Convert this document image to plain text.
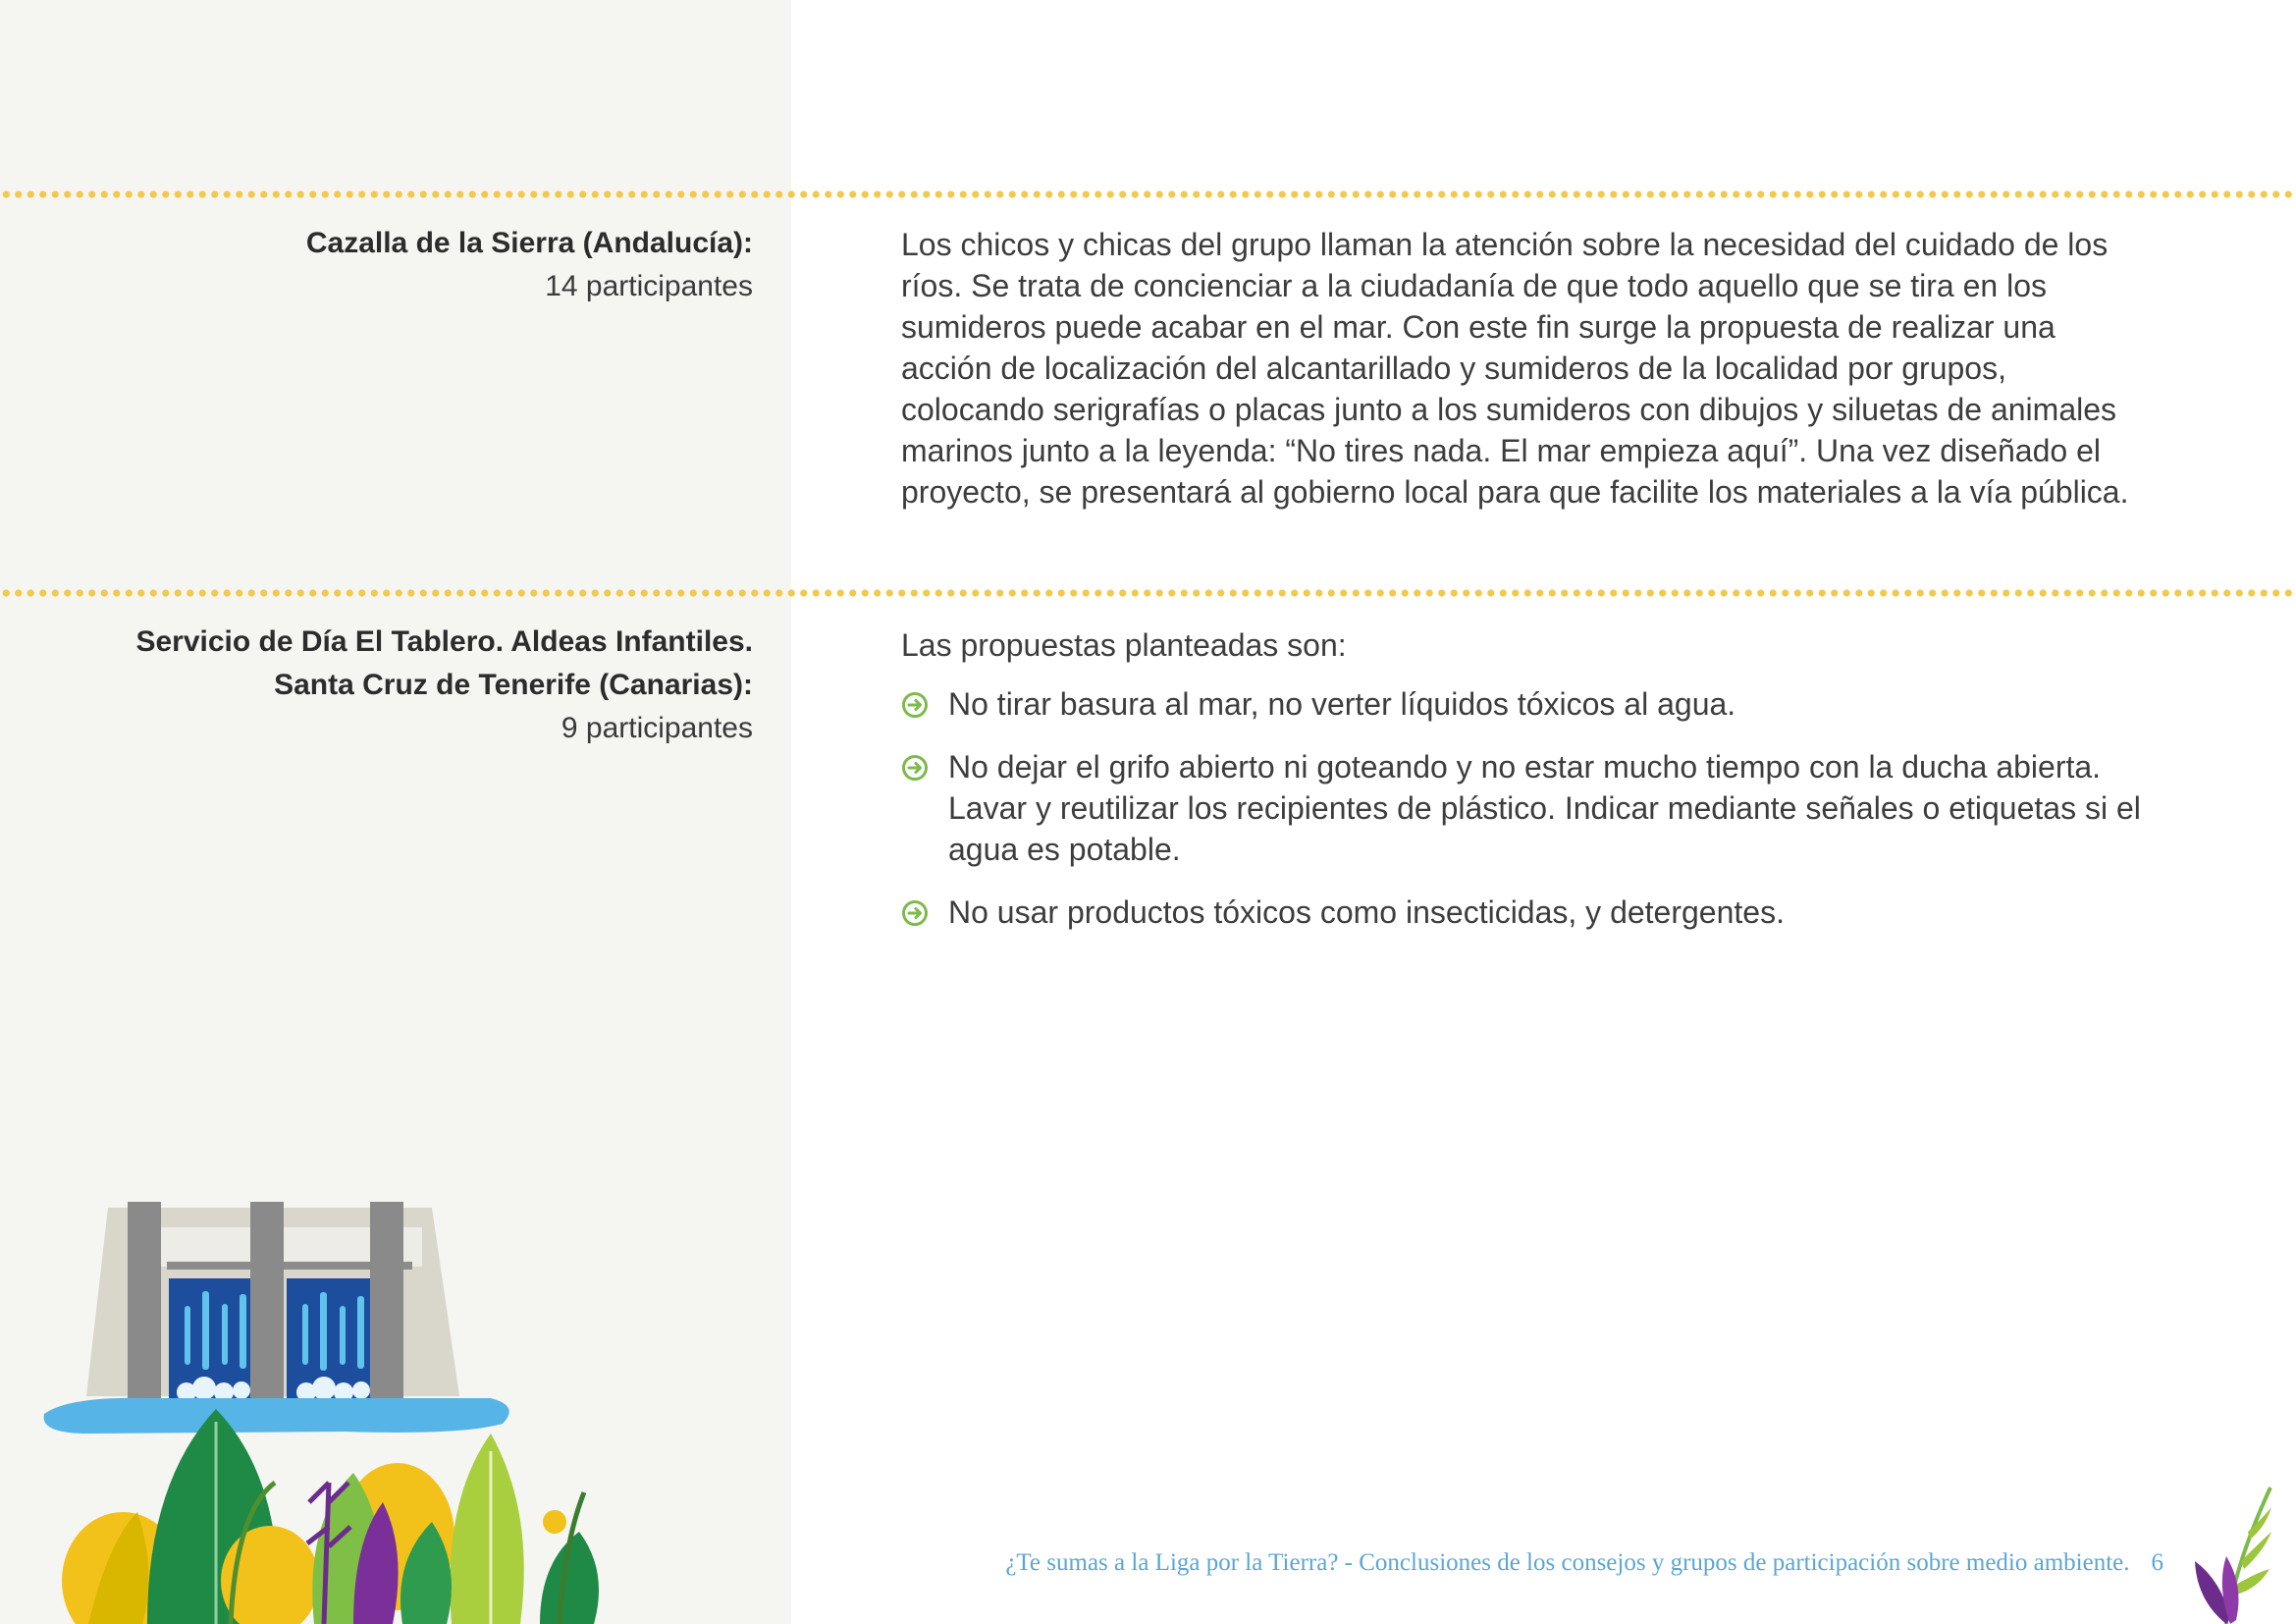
Cazalla de la Sierra (Andalucía):
14 participantes
Los chicos y chicas del grupo llaman la atención sobre la necesidad del cuidado de los ríos. Se trata de concienciar a la ciudadanía de que todo aquello que se tira en los sumideros puede acabar en el mar. Con este fin surge la propuesta de realizar una acción de localización del alcantarillado y sumideros de la localidad por grupos, colocando serigrafías o placas junto a los sumideros con dibujos y siluetas de animales marinos junto a la leyenda: “No tires nada. El mar empieza aquí”. Una vez diseñado el proyecto, se presentará al gobierno local para que facilite los materiales a la vía pública.
Servicio de Día El Tablero. Aldeas Infantiles.
Santa Cruz de Tenerife (Canarias):
9 participantes
Las propuestas planteadas son:
No tirar basura al mar, no verter líquidos tóxicos al agua.
No dejar el grifo abierto ni goteando y no estar mucho tiempo con la ducha abierta. Lavar y reutilizar los recipientes de plástico. Indicar mediante señales o etiquetas si el agua es potable.
No usar productos tóxicos como insecticidas, y detergentes.
¿Te sumas a la Liga por la Tierra? - Conclusiones de los consejos y grupos de participación sobre medio ambiente. 6
